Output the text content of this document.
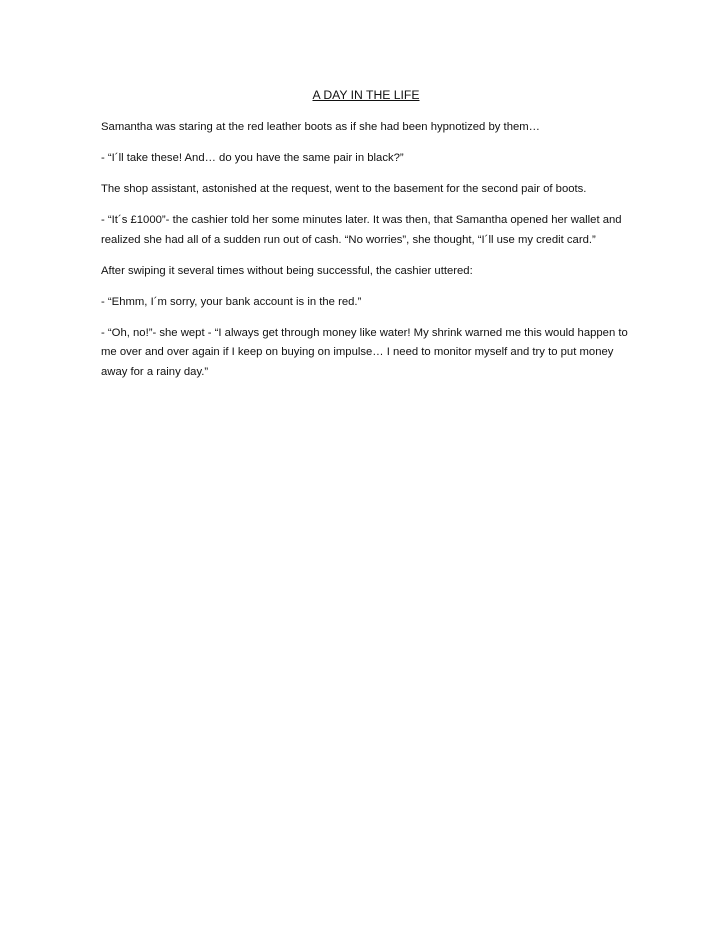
A DAY IN THE LIFE

Samantha was staring at the red leather boots as if she had been hypnotized by them…

- “I´ll take these! And… do you have the same pair in black?”

The shop assistant, astonished at the request, went to the basement for the second pair of boots.

- “It´s £1000”- the cashier told her some minutes later. It was then, that Samantha opened her wallet and realized she had all of a sudden run out of cash. “No worries”, she thought, “I´ll use my credit card.”

After swiping it several times without being successful, the cashier uttered:

- “Ehmm, I´m sorry, your bank account is in the red.”

- “Oh, no!”- she wept - “I always get through money like water! My shrink warned me this would happen to me over and over again if I keep on buying on impulse… I need to monitor myself and try to put money away for a rainy day.”
